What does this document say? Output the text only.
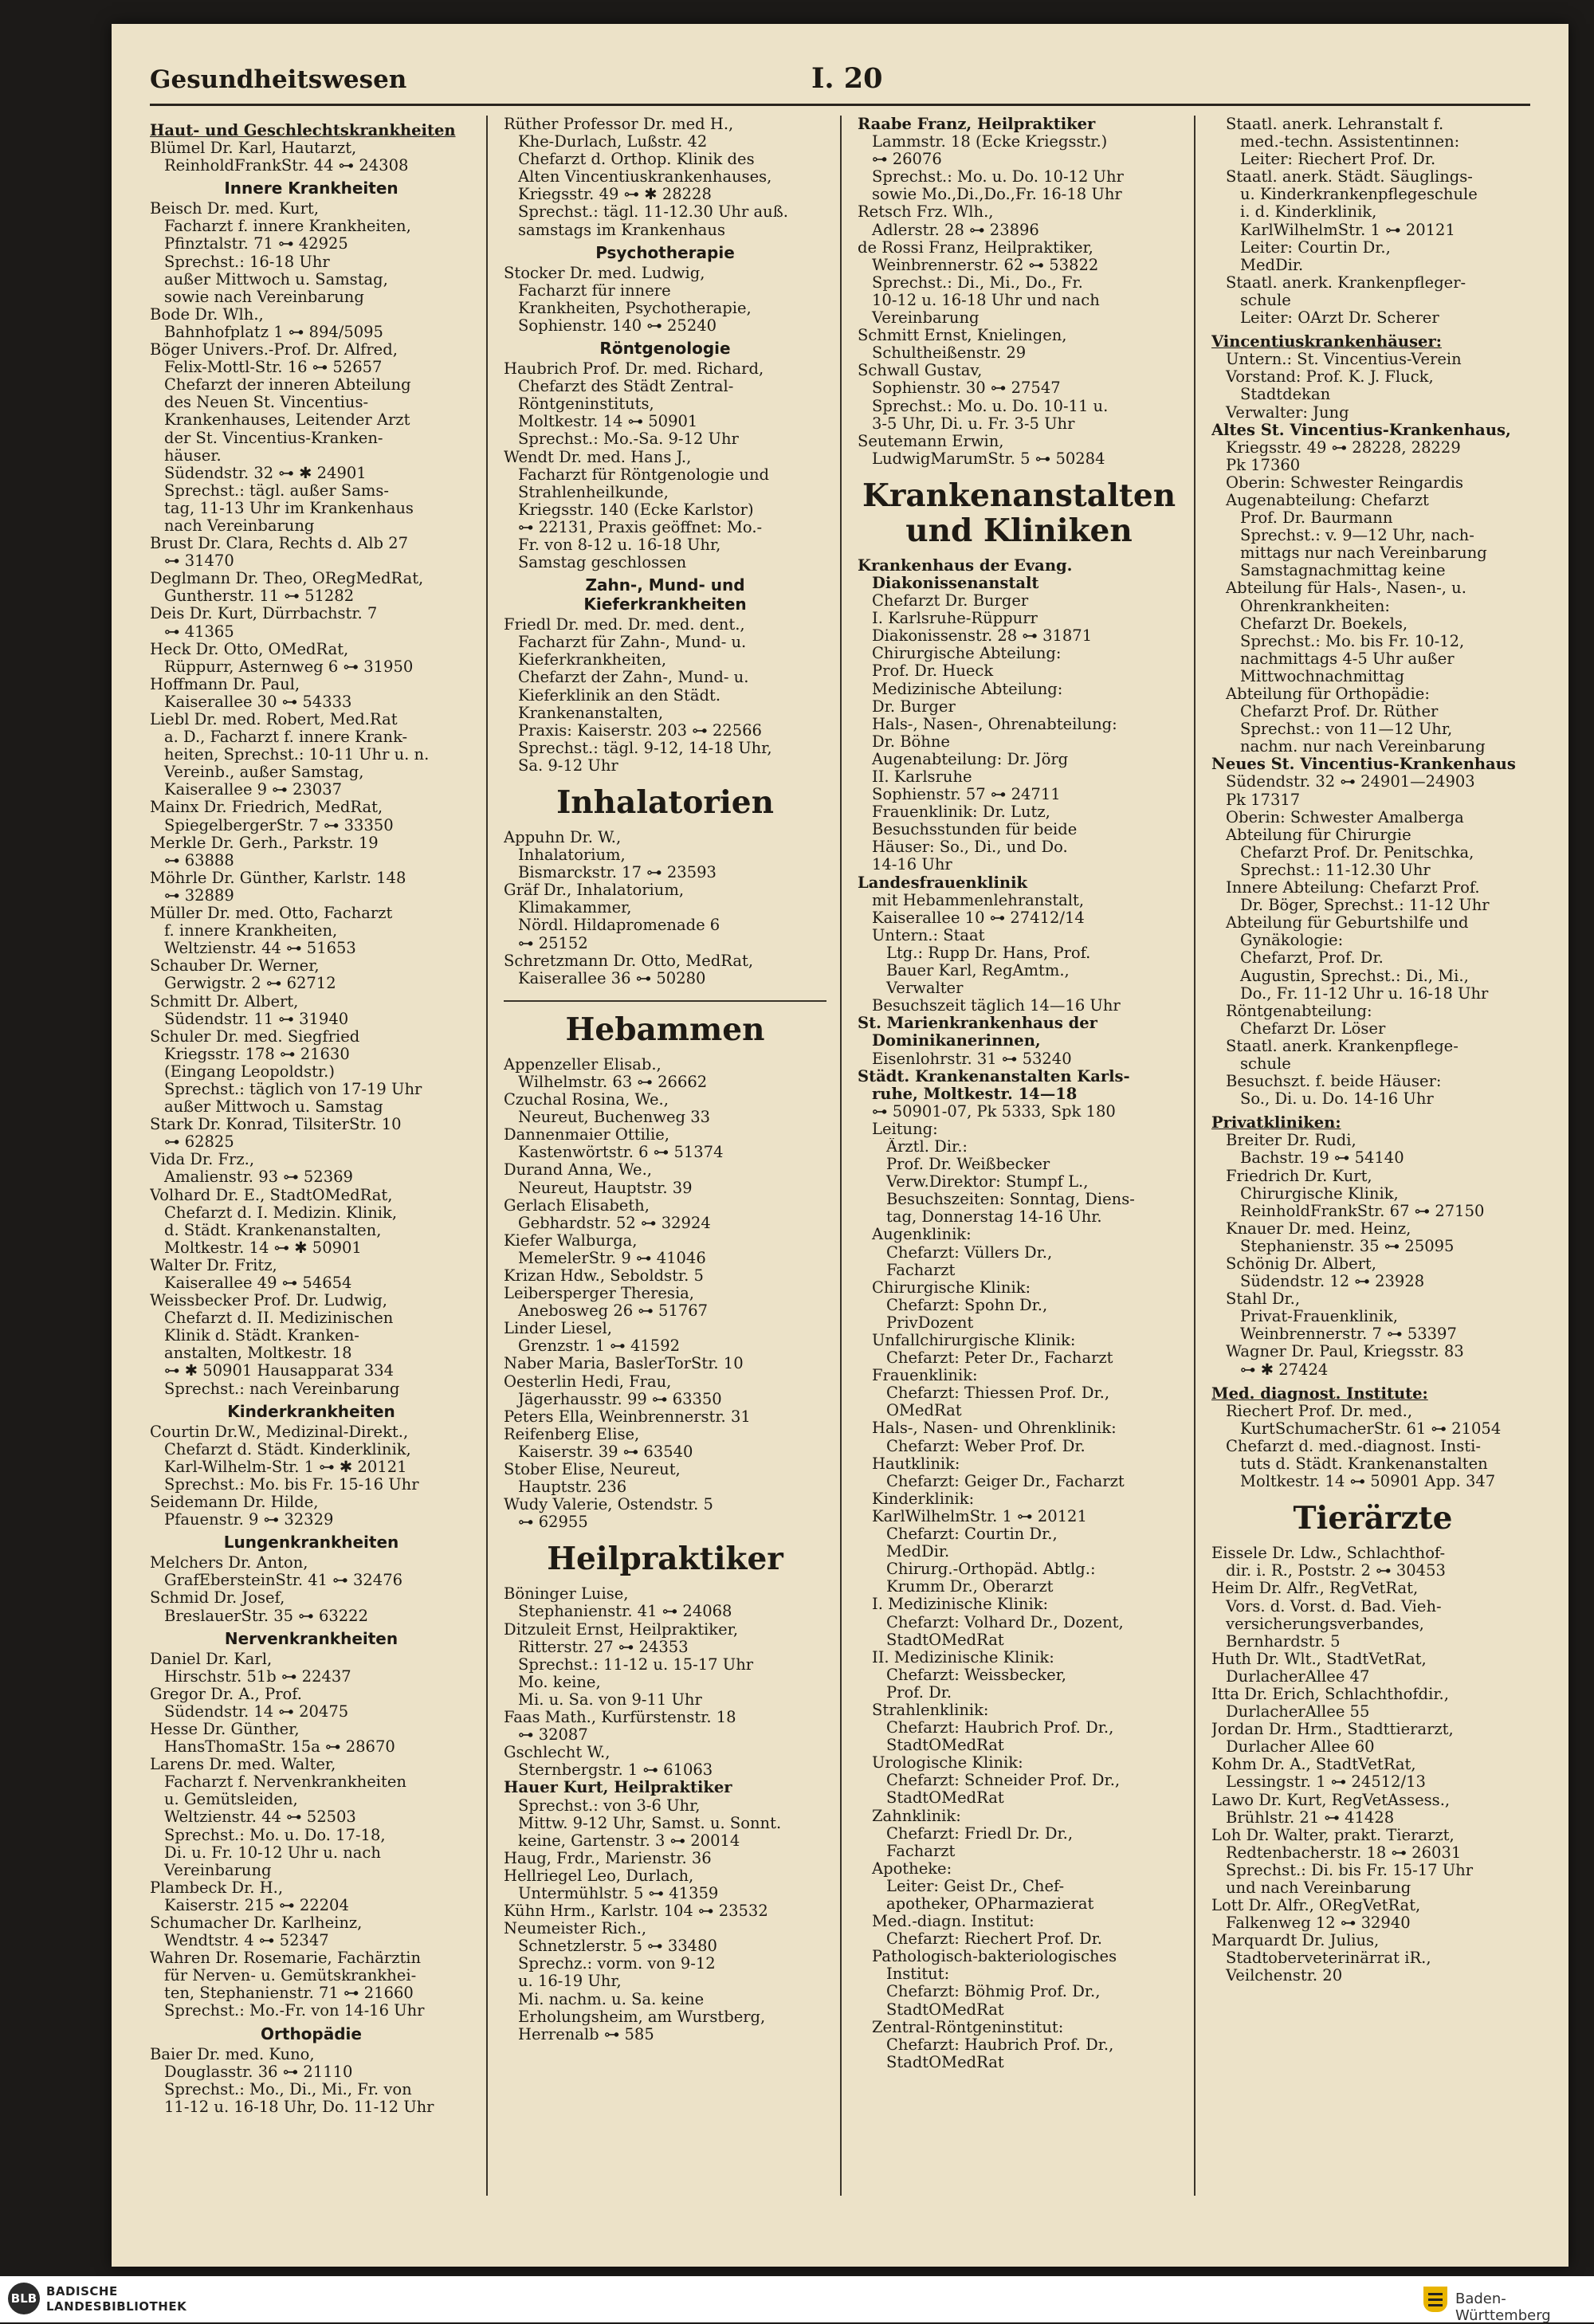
Gesundheitswesen	I. 20
Haut- und Geschlechtskrankheiten
Blümel Dr. Karl, Hautarzt,
ReinholdFrankStr. 44 ⊶ 24308
Innere Krankheiten
Beisch Dr. med. Kurt,
Facharzt f. innere Krankheiten,
Pfinztalstr. 71 ⊶ 42925
Sprechst.: 16-18 Uhr
außer Mittwoch u. Samstag,
sowie nach Vereinbarung
Bode Dr. Wlh.,
Bahnhofplatz 1 ⊶ 894/5095
Böger Univers.-Prof. Dr. Alfred,
Felix-Mottl-Str. 16 ⊶ 52657
Chefarzt der inneren Abteilung
des Neuen St. Vincentius-
Krankenhauses, Leitender Arzt
der St. Vincentius-Kranken-
häuser.
Südendstr. 32 ⊶ ✱ 24901
Sprechst.: tägl. außer Sams-
tag, 11-13 Uhr im Krankenhaus
nach Vereinbarung
Brust Dr. Clara, Rechts d. Alb 27
⊶ 31470
Deglmann Dr. Theo, ORegMedRat,
Guntherstr. 11 ⊶ 51282
Deis Dr. Kurt, Dürrbachstr. 7
⊶ 41365
Heck Dr. Otto, OMedRat,
Rüppurr, Asternweg 6 ⊶ 31950
Hoffmann Dr. Paul,
Kaiserallee 30 ⊶ 54333
Liebl Dr. med. Robert, Med.Rat
a. D., Facharzt f. innere Krank-
heiten, Sprechst.: 10-11 Uhr u. n.
Vereinb., außer Samstag,
Kaiserallee 9 ⊶ 23037
Mainx Dr. Friedrich, MedRat,
SpiegelbergerStr. 7 ⊶ 33350
Merkle Dr. Gerh., Parkstr. 19
⊶ 63888
Möhrle Dr. Günther, Karlstr. 148
⊶ 32889
Müller Dr. med. Otto, Facharzt
f. innere Krankheiten,
Weltzienstr. 44 ⊶ 51653
Schauber Dr. Werner,
Gerwigstr. 2 ⊶ 62712
Schmitt Dr. Albert,
Südendstr. 11 ⊶ 31940
Schuler Dr. med. Siegfried
Kriegsstr. 178 ⊶ 21630
(Eingang Leopoldstr.)
Sprechst.: täglich von 17-19 Uhr
außer Mittwoch u. Samstag
Stark Dr. Konrad, TilsiterStr. 10
⊶ 62825
Vida Dr. Frz.,
Amalienstr. 93 ⊶ 52369
Volhard Dr. E., StadtOMedRat,
Chefarzt d. I. Medizin. Klinik,
d. Städt. Krankenanstalten,
Moltkestr. 14 ⊶ ✱ 50901
Walter Dr. Fritz,
Kaiserallee 49 ⊶ 54654
Weissbecker Prof. Dr. Ludwig,
Chefarzt d. II. Medizinischen
Klinik d. Städt. Kranken-
anstalten, Moltkestr. 18
⊶ ✱ 50901 Hausapparat 334
Sprechst.: nach Vereinbarung
Kinderkrankheiten
Courtin Dr.W., Medizinal-Direkt.,
Chefarzt d. Städt. Kinderklinik,
Karl-Wilhelm-Str. 1 ⊶ ✱ 20121
Sprechst.: Mo. bis Fr. 15-16 Uhr
Seidemann Dr. Hilde,
Pfauenstr. 9 ⊶ 32329
Lungenkrankheiten
Melchers Dr. Anton,
GrafEbersteinStr. 41 ⊶ 32476
Schmid Dr. Josef,
BreslauerStr. 35 ⊶ 63222
Nervenkrankheiten
Daniel Dr. Karl,
Hirschstr. 51b ⊶ 22437
Gregor Dr. A., Prof.
Südendstr. 14 ⊶ 20475
Hesse Dr. Günther,
HansThomaStr. 15a ⊶ 28670
Larens Dr. med. Walter,
Facharzt f. Nervenkrankheiten
u. Gemütsleiden,
Weltzienstr. 44 ⊶ 52503
Sprechst.: Mo. u. Do. 17-18,
Di. u. Fr. 10-12 Uhr u. nach
Vereinbarung
Plambeck Dr. H.,
Kaiserstr. 215 ⊶ 22204
Schumacher Dr. Karlheinz,
Wendtstr. 4 ⊶ 52347
Wahren Dr. Rosemarie, Fachärztin
für Nerven- u. Gemütskrankhei-
ten, Stephanienstr. 71 ⊶ 21660
Sprechst.: Mo.-Fr. von 14-16 Uhr
Orthopädie
Baier Dr. med. Kuno,
Douglasstr. 36 ⊶ 21110
Sprechst.: Mo., Di., Mi., Fr. von
11-12 u. 16-18 Uhr, Do. 11-12 Uhr
Rüther Professor Dr. med H.,
Khe-Durlach, Lußstr. 42
Chefarzt d. Orthop. Klinik des
Alten Vincentiuskrankenhauses,
Kriegsstr. 49 ⊶ ✱ 28228
Sprechst.: tägl. 11-12.30 Uhr auß.
samstags im Krankenhaus
Psychotherapie
Stocker Dr. med. Ludwig,
Facharzt für innere
Krankheiten, Psychotherapie,
Sophienstr. 140 ⊶ 25240
Röntgenologie
Haubrich Prof. Dr. med. Richard,
Chefarzt des Städt Zentral-
Röntgeninstituts,
Moltkestr. 14 ⊶ 50901
Sprechst.: Mo.-Sa. 9-12 Uhr
Wendt Dr. med. Hans J.,
Facharzt für Röntgenologie und
Strahlenheilkunde,
Kriegsstr. 140 (Ecke Karlstor)
⊶ 22131, Praxis geöffnet: Mo.-
Fr. von 8-12 u. 16-18 Uhr,
Samstag geschlossen
Zahn-, Mund- und
Kieferkrankheiten
Friedl Dr. med. Dr. med. dent.,
Facharzt für Zahn-, Mund- u.
Kieferkrankheiten,
Chefarzt der Zahn-, Mund- u.
Kieferklinik an den Städt.
Krankenanstalten,
Praxis: Kaiserstr. 203 ⊶ 22566
Sprechst.: tägl. 9-12, 14-18 Uhr,
Sa. 9-12 Uhr
Inhalatorien
Appuhn Dr. W.,
Inhalatorium,
Bismarckstr. 17 ⊶ 23593
Gräf Dr., Inhalatorium,
Klimakammer,
Nördl. Hildapromenade 6
⊶ 25152
Schretzmann Dr. Otto, MedRat,
Kaiserallee 36 ⊶ 50280
Hebammen
Appenzeller Elisab.,
Wilhelmstr. 63 ⊶ 26662
Czuchal Rosina, We.,
Neureut, Buchenweg 33
Dannenmaier Ottilie,
Kastenwörtstr. 6 ⊶ 51374
Durand Anna, We.,
Neureut, Hauptstr. 39
Gerlach Elisabeth,
Gebhardstr. 52 ⊶ 32924
Kiefer Walburga,
MemelerStr. 9 ⊶ 41046
Krizan Hdw., Seboldstr. 5
Leibersperger Theresia,
Anebosweg 26 ⊶ 51767
Linder Liesel,
Grenzstr. 1 ⊶ 41592
Naber Maria, BaslerTorStr. 10
Oesterlin Hedi, Frau,
Jägerhausstr. 99 ⊶ 63350
Peters Ella, Weinbrennerstr. 31
Reifenberg Elise,
Kaiserstr. 39 ⊶ 63540
Stober Elise, Neureut,
Hauptstr. 236
Wudy Valerie, Ostendstr. 5
⊶ 62955
Heilpraktiker
Böninger Luise,
Stephanienstr. 41 ⊶ 24068
Ditzuleit Ernst, Heilpraktiker,
Ritterstr. 27 ⊶ 24353
Sprechst.: 11-12 u. 15-17 Uhr
Mo. keine,
Mi. u. Sa. von 9-11 Uhr
Faas Math., Kurfürstenstr. 18
⊶ 32087
Gschlecht W.,
Sternbergstr. 1 ⊶ 61063
Hauer Kurt, Heilpraktiker
Sprechst.: von 3-6 Uhr,
Mittw. 9-12 Uhr, Samst. u. Sonnt.
keine, Gartenstr. 3 ⊶ 20014
Haug, Frdr., Marienstr. 36
Hellriegel Leo, Durlach,
Untermühlstr. 5 ⊶ 41359
Kühn Hrm., Karlstr. 104 ⊶ 23532
Neumeister Rich.,
Schnetzlerstr. 5 ⊶ 33480
Sprechz.: vorm. von 9-12
u. 16-19 Uhr,
Mi. nachm. u. Sa. keine
Erholungsheim, am Wurstberg,
Herrenalb ⊶ 585
Raabe Franz, Heilpraktiker
Lammstr. 18 (Ecke Kriegsstr.)
⊶ 26076
Sprechst.: Mo. u. Do. 10-12 Uhr
sowie Mo.,Di.,Do.,Fr. 16-18 Uhr
Retsch Frz. Wlh.,
Adlerstr. 28 ⊶ 23896
de Rossi Franz, Heilpraktiker,
Weinbrennerstr. 62 ⊶ 53822
Sprechst.: Di., Mi., Do., Fr.
10-12 u. 16-18 Uhr und nach
Vereinbarung
Schmitt Ernst, Knielingen,
Schultheißenstr. 29
Schwall Gustav,
Sophienstr. 30 ⊶ 27547
Sprechst.: Mo. u. Do. 10-11 u.
3-5 Uhr, Di. u. Fr. 3-5 Uhr
Seutemann Erwin,
LudwigMarumStr. 5 ⊶ 50284
Krankenanstalten
und Kliniken
Krankenhaus der Evang.
Diakonissenanstalt
Chefarzt Dr. Burger
I. Karlsruhe-Rüppurr
Diakonissenstr. 28 ⊶ 31871
Chirurgische Abteilung:
Prof. Dr. Hueck
Medizinische Abteilung:
Dr. Burger
Hals-, Nasen-, Ohrenabteilung:
Dr. Böhne
Augenabteilung: Dr. Jörg
II. Karlsruhe
Sophienstr. 57 ⊶ 24711
Frauenklinik: Dr. Lutz,
Besuchsstunden für beide
Häuser: So., Di., und Do.
14-16 Uhr
Landesfrauenklinik
mit Hebammenlehranstalt,
Kaiserallee 10 ⊶ 27412/14
Untern.: Staat
Ltg.: Rupp Dr. Hans, Prof.
Bauer Karl, RegAmtm.,
Verwalter
Besuchszeit täglich 14—16 Uhr
St. Marienkrankenhaus der
Dominikanerinnen,
Eisenlohrstr. 31 ⊶ 53240
Städt. Krankenanstalten Karls-
ruhe, Moltkestr. 14—18
⊶ 50901-07, Pk 5333, Spk 180
Leitung:
Ärztl. Dir.:
Prof. Dr. Weißbecker
Verw.Direktor: Stumpf L.,
Besuchszeiten: Sonntag, Diens-
tag, Donnerstag 14-16 Uhr.
Augenklinik:
Chefarzt: Vüllers Dr.,
Facharzt
Chirurgische Klinik:
Chefarzt: Spohn Dr.,
PrivDozent
Unfallchirurgische Klinik:
Chefarzt: Peter Dr., Facharzt
Frauenklinik:
Chefarzt: Thiessen Prof. Dr.,
OMedRat
Hals-, Nasen- und Ohrenklinik:
Chefarzt: Weber Prof. Dr.
Hautklinik:
Chefarzt: Geiger Dr., Facharzt
Kinderklinik:
KarlWilhelmStr. 1 ⊶ 20121
Chefarzt: Courtin Dr.,
MedDir.
Chirurg.-Orthopäd. Abtlg.:
Krumm Dr., Oberarzt
I. Medizinische Klinik:
Chefarzt: Volhard Dr., Dozent,
StadtOMedRat
II. Medizinische Klinik:
Chefarzt: Weissbecker,
Prof. Dr.
Strahlenklinik:
Chefarzt: Haubrich Prof. Dr.,
StadtOMedRat
Urologische Klinik:
Chefarzt: Schneider Prof. Dr.,
StadtOMedRat
Zahnklinik:
Chefarzt: Friedl Dr. Dr.,
Facharzt
Apotheke:
Leiter: Geist Dr., Chef-
apotheker, OPharmazierat
Med.-diagn. Institut:
Chefarzt: Riechert Prof. Dr.
Pathologisch-bakteriologisches
Institut:
Chefarzt: Böhmig Prof. Dr.,
StadtOMedRat
Zentral-Röntgeninstitut:
Chefarzt: Haubrich Prof. Dr.,
StadtOMedRat
Staatl. anerk. Lehranstalt f.
med.-techn. Assistentinnen:
Leiter: Riechert Prof. Dr.
Staatl. anerk. Städt. Säuglings-
u. Kinderkrankenpflegeschule
i. d. Kinderklinik,
KarlWilhelmStr. 1 ⊶ 20121
Leiter: Courtin Dr.,
MedDir.
Staatl. anerk. Krankenpfleger-
schule
Leiter: OArzt Dr. Scherer
Vincentiuskrankenhäuser:
Untern.: St. Vincentius-Verein
Vorstand: Prof. K. J. Fluck,
Stadtdekan
Verwalter: Jung
Altes St. Vincentius-Krankenhaus,
Kriegsstr. 49 ⊶ 28228, 28229
Pk 17360
Oberin: Schwester Reingardis
Augenabteilung: Chefarzt
Prof. Dr. Baurmann
Sprechst.: v. 9—12 Uhr, nach-
mittags nur nach Vereinbarung
Samstagnachmittag keine
Abteilung für Hals-, Nasen-, u.
Ohrenkrankheiten:
Chefarzt Dr. Boekels,
Sprechst.: Mo. bis Fr. 10-12,
nachmittags 4-5 Uhr außer
Mittwochnachmittag
Abteilung für Orthopädie:
Chefarzt Prof. Dr. Rüther
Sprechst.: von 11—12 Uhr,
nachm. nur nach Vereinbarung
Neues St. Vincentius-Krankenhaus
Südendstr. 32 ⊶ 24901—24903
Pk 17317
Oberin: Schwester Amalberga
Abteilung für Chirurgie
Chefarzt Prof. Dr. Penitschka,
Sprechst.: 11-12.30 Uhr
Innere Abteilung: Chefarzt Prof.
Dr. Böger, Sprechst.: 11-12 Uhr
Abteilung für Geburtshilfe und
Gynäkologie:
Chefarzt, Prof. Dr.
Augustin, Sprechst.: Di., Mi.,
Do., Fr. 11-12 Uhr u. 16-18 Uhr
Röntgenabteilung:
Chefarzt Dr. Löser
Staatl. anerk. Krankenpflege-
schule
Besuchszt. f. beide Häuser:
So., Di. u. Do. 14-16 Uhr
Privatkliniken:
Breiter Dr. Rudi,
Bachstr. 19 ⊶ 54140
Friedrich Dr. Kurt,
Chirurgische Klinik,
ReinholdFrankStr. 67 ⊶ 27150
Knauer Dr. med. Heinz,
Stephanienstr. 35 ⊶ 25095
Schönig Dr. Albert,
Südendstr. 12 ⊶ 23928
Stahl Dr.,
Privat-Frauenklinik,
Weinbrennerstr. 7 ⊶ 53397
Wagner Dr. Paul, Kriegsstr. 83
⊶ ✱ 27424
Med. diagnost. Institute:
Riechert Prof. Dr. med.,
KurtSchumacherStr. 61 ⊶ 21054
Chefarzt d. med.-diagnost. Insti-
tuts d. Städt. Krankenanstalten
Moltkestr. 14 ⊶ 50901 App. 347
Tierärzte
Eissele Dr. Ldw., Schlachthof-
dir. i. R., Poststr. 2 ⊶ 30453
Heim Dr. Alfr., RegVetRat,
Vors. d. Vorst. d. Bad. Vieh-
versicherungsverbandes,
Bernhardstr. 5
Huth Dr. Wlt., StadtVetRat,
DurlacherAllee 47
Itta Dr. Erich, Schlachthofdir.,
DurlacherAllee 55
Jordan Dr. Hrm., Stadttierarzt,
Durlacher Allee 60
Kohm Dr. A., StadtVetRat,
Lessingstr. 1 ⊶ 24512/13
Lawo Dr. Kurt, RegVetAssess.,
Brühlstr. 21 ⊶ 41428
Loh Dr. Walter, prakt. Tierarzt,
Redtenbacherstr. 18 ⊶ 26031
Sprechst.: Di. bis Fr. 15-17 Uhr
und nach Vereinbarung
Lott Dr. Alfr., ORegVetRat,
Falkenweg 12 ⊶ 32940
Marquardt Dr. Julius,
Stadtoberveterinärrat iR.,
Veilchenstr. 20
BLB BADISCHE
LANDESBIBLIOTHEK	Baden-Württemberg
